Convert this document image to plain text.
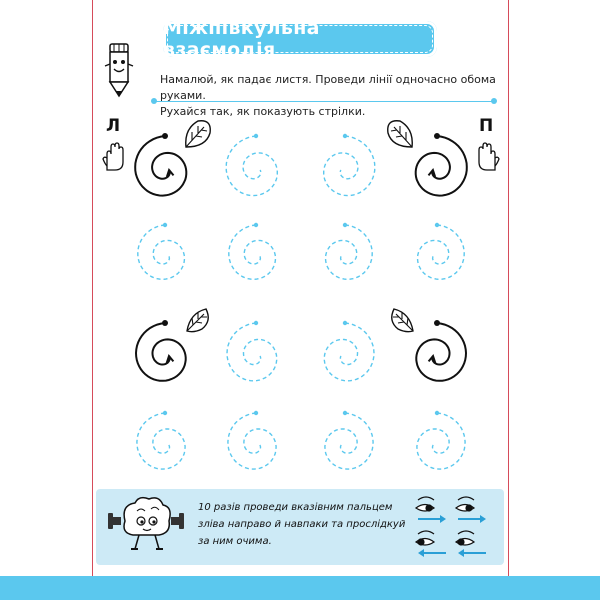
Міжпівкульна взаємодія
Намалюй, як падає листя. Проведи лінії одночасно обома руками.
Рухайся так, як показують стрілки.
Л	П
10 разів проведи вказівним пальцем
зліва направо й навпаки та прослідкуй
за ним очима.
